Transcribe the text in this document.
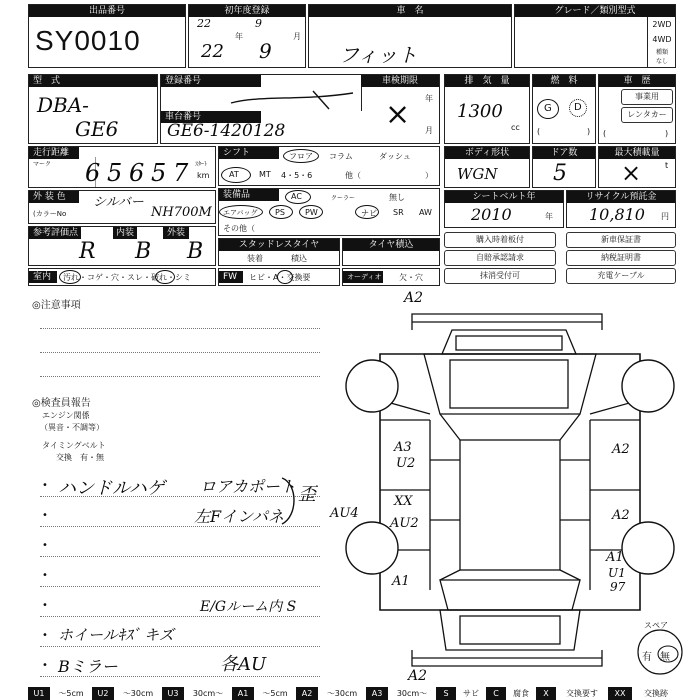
出品番号
SY0010
初年度登録
22
年
9
月
22 9
車　名
フィット
グレード／類別型式
2WD
4WD
種類
なし
型　式
DBA-
GE6
登録番号	車検期限
年
月
×
車台番号
GE6-1420128
排　気　量
1300
cc
燃　料
G D
(	)
車　歴
事業用
レンタカー
(	)
走行距離
マーク 6 5 6 5 7 ｽﾀｰﾄ
km
シフト	フロア コラム	ダッシュ
AT	MT 4・5・6	他（	）
ボディ形状
WGN
ドア数
5
最大積載量
×	t
外 装 色	シルバー
(カラーNo	NH700M
装備品	AC	クーラー	無し
エアバッグ PS	PW	ナビ SR AW
その他（
シートベルト年
2010	年
リサイクル預託金
10,810 円
参考評価点	内装	外装
R B B	スタッドレスタイヤ
装着	積込
タイヤ積込
購入時着板付	新車保証書
自賠承認請求	納税証明書
抹消受付可	充電ケーブル
室内	汚れ・コゲ・穴・スレ・破れ・シミ	FW	ヒビ・A・交換要	オーディオ 欠・穴
◎注意事項
◎検査員報告
エンジン関係
（異音・不調等）
タイミングベルト
交換　有・無
•
•
•
•
•
•
•
ハンドルハゲ ロアカポート 歪
左Fインパネ
E/Gルーム内 S
ホイールｷｽﾞ キズ
Bミラー	各AU
A2
A2
A3
U2
XX
AU2
AU4
A1
A2
A2
A1
U1
97
スペア
有 無
U1	～5cm	U2	～30cm	U3	30cm～	A1	～5cm	A2	～30cm	A3	30cm～	S	サビ	C	腐食	X	交換要す	XX	交換跡
